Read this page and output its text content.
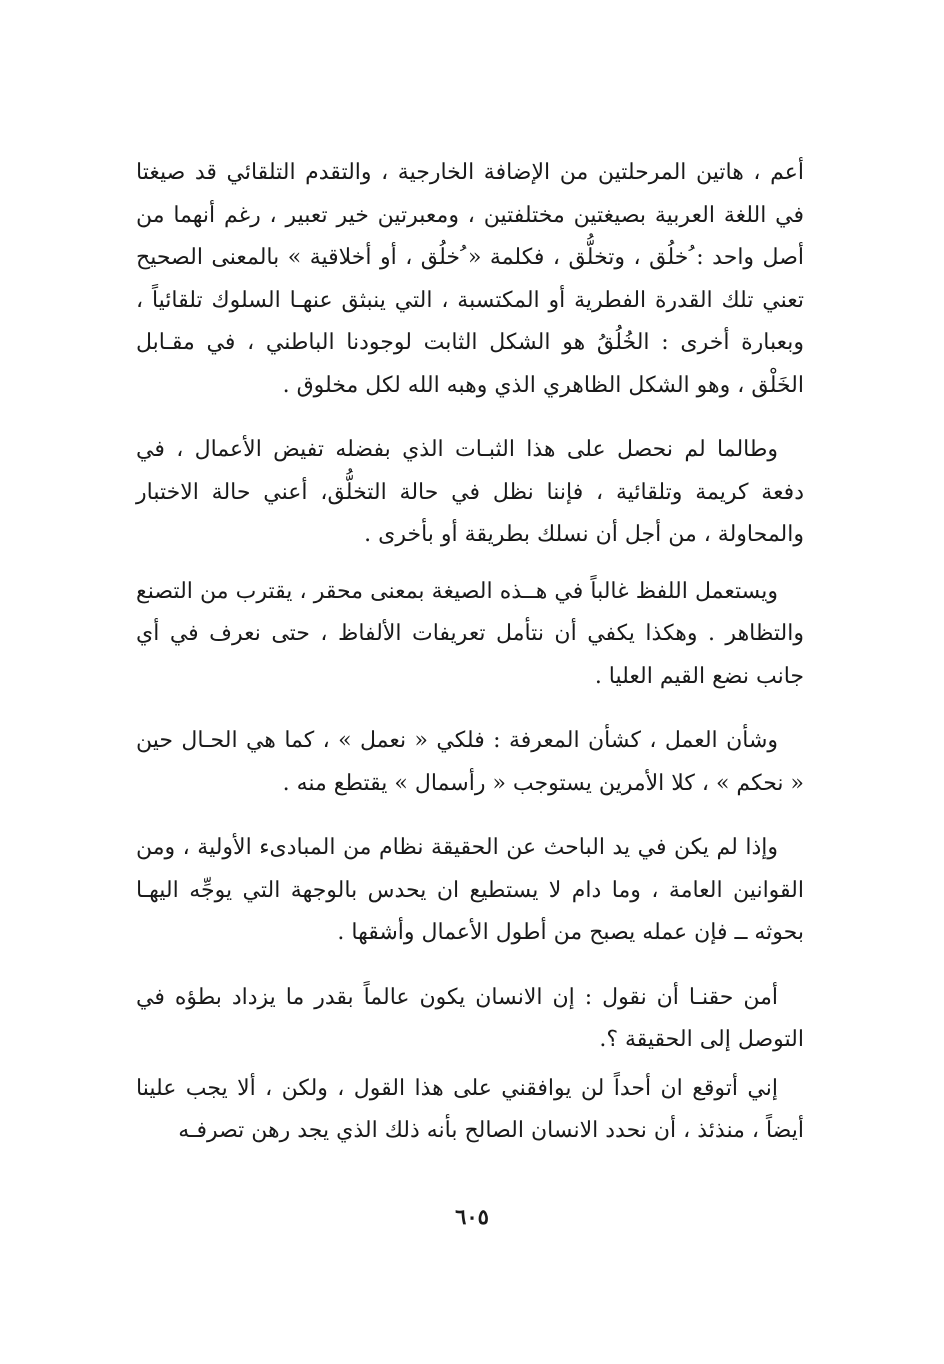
أعم ، هاتين المرحلتين من الإضافة الخارجية ، والتقدم التلقائي قد صيغتا في اللغة العربية بصيغتين مختلفتين ، ومعبرتين خير تعبير ، رغم أنهما من أصل واحد : ُخلُق ، وتخلُّق ، فكلمة « ُخلُق ، أو أخلاقية » بالمعنى الصحيح تعني تلك القدرة الفطرية أو المكتسبة ، التي ينبثق عنهـا السلوك تلقائياً ، وبعبارة أخرى : الخُلُقُ هو الشكل الثابت لوجودنا الباطني ، في مقـابل الخَلْق ، وهو الشكل الظاهري الذي وهبه الله لكل مخلوق .

وطالما لم نحصل على هذا الثبـات الذي بفضله تفيض الأعمال ، في دفعة كريمة وتلقائية ، فإننا نظل في حالة التخلُّق، أعني حالة الاختبار والمحاولة ، من أجل أن نسلك بطريقة أو بأخرى .

ويستعمل اللفظ غالباً في هــذه الصيغة بمعنى محقر ، يقترب من التصنع والتظاهر . وهكذا يكفي أن نتأمل تعريفات الألفاظ ، حتى نعرف في أي جانب نضع القيم العليا .

وشأن العمل ، كشأن المعرفة : فلكي « نعمل » ، كما هي الحـال حين « نحكم » ، كلا الأمرين يستوجب « رأسمال » يقتطع منه .

وإذا لم يكن في يد الباحث عن الحقيقة نظام من المبادىء الأولية ، ومن القوانين العامة ، وما دام لا يستطيع ان يحدس بالوجهة التي يوجِّه اليهـا بحوثه ــ فإن عمله يصبح من أطول الأعمال وأشقها .

أمن حقنـا أن نقول : إن الانسان يكون عالماً بقدر ما يزداد بطؤه في التوصل إلى الحقيقة ؟.

إني أتوقع ان أحداً لن يوافقني على هذا القول ، ولكن ، ألا يجب علينا أيضاً ، منذئذ ، أن نحدد الانسان الصالح بأنه ذلك الذي يجد رهن تصرفـه

٦٠٥
